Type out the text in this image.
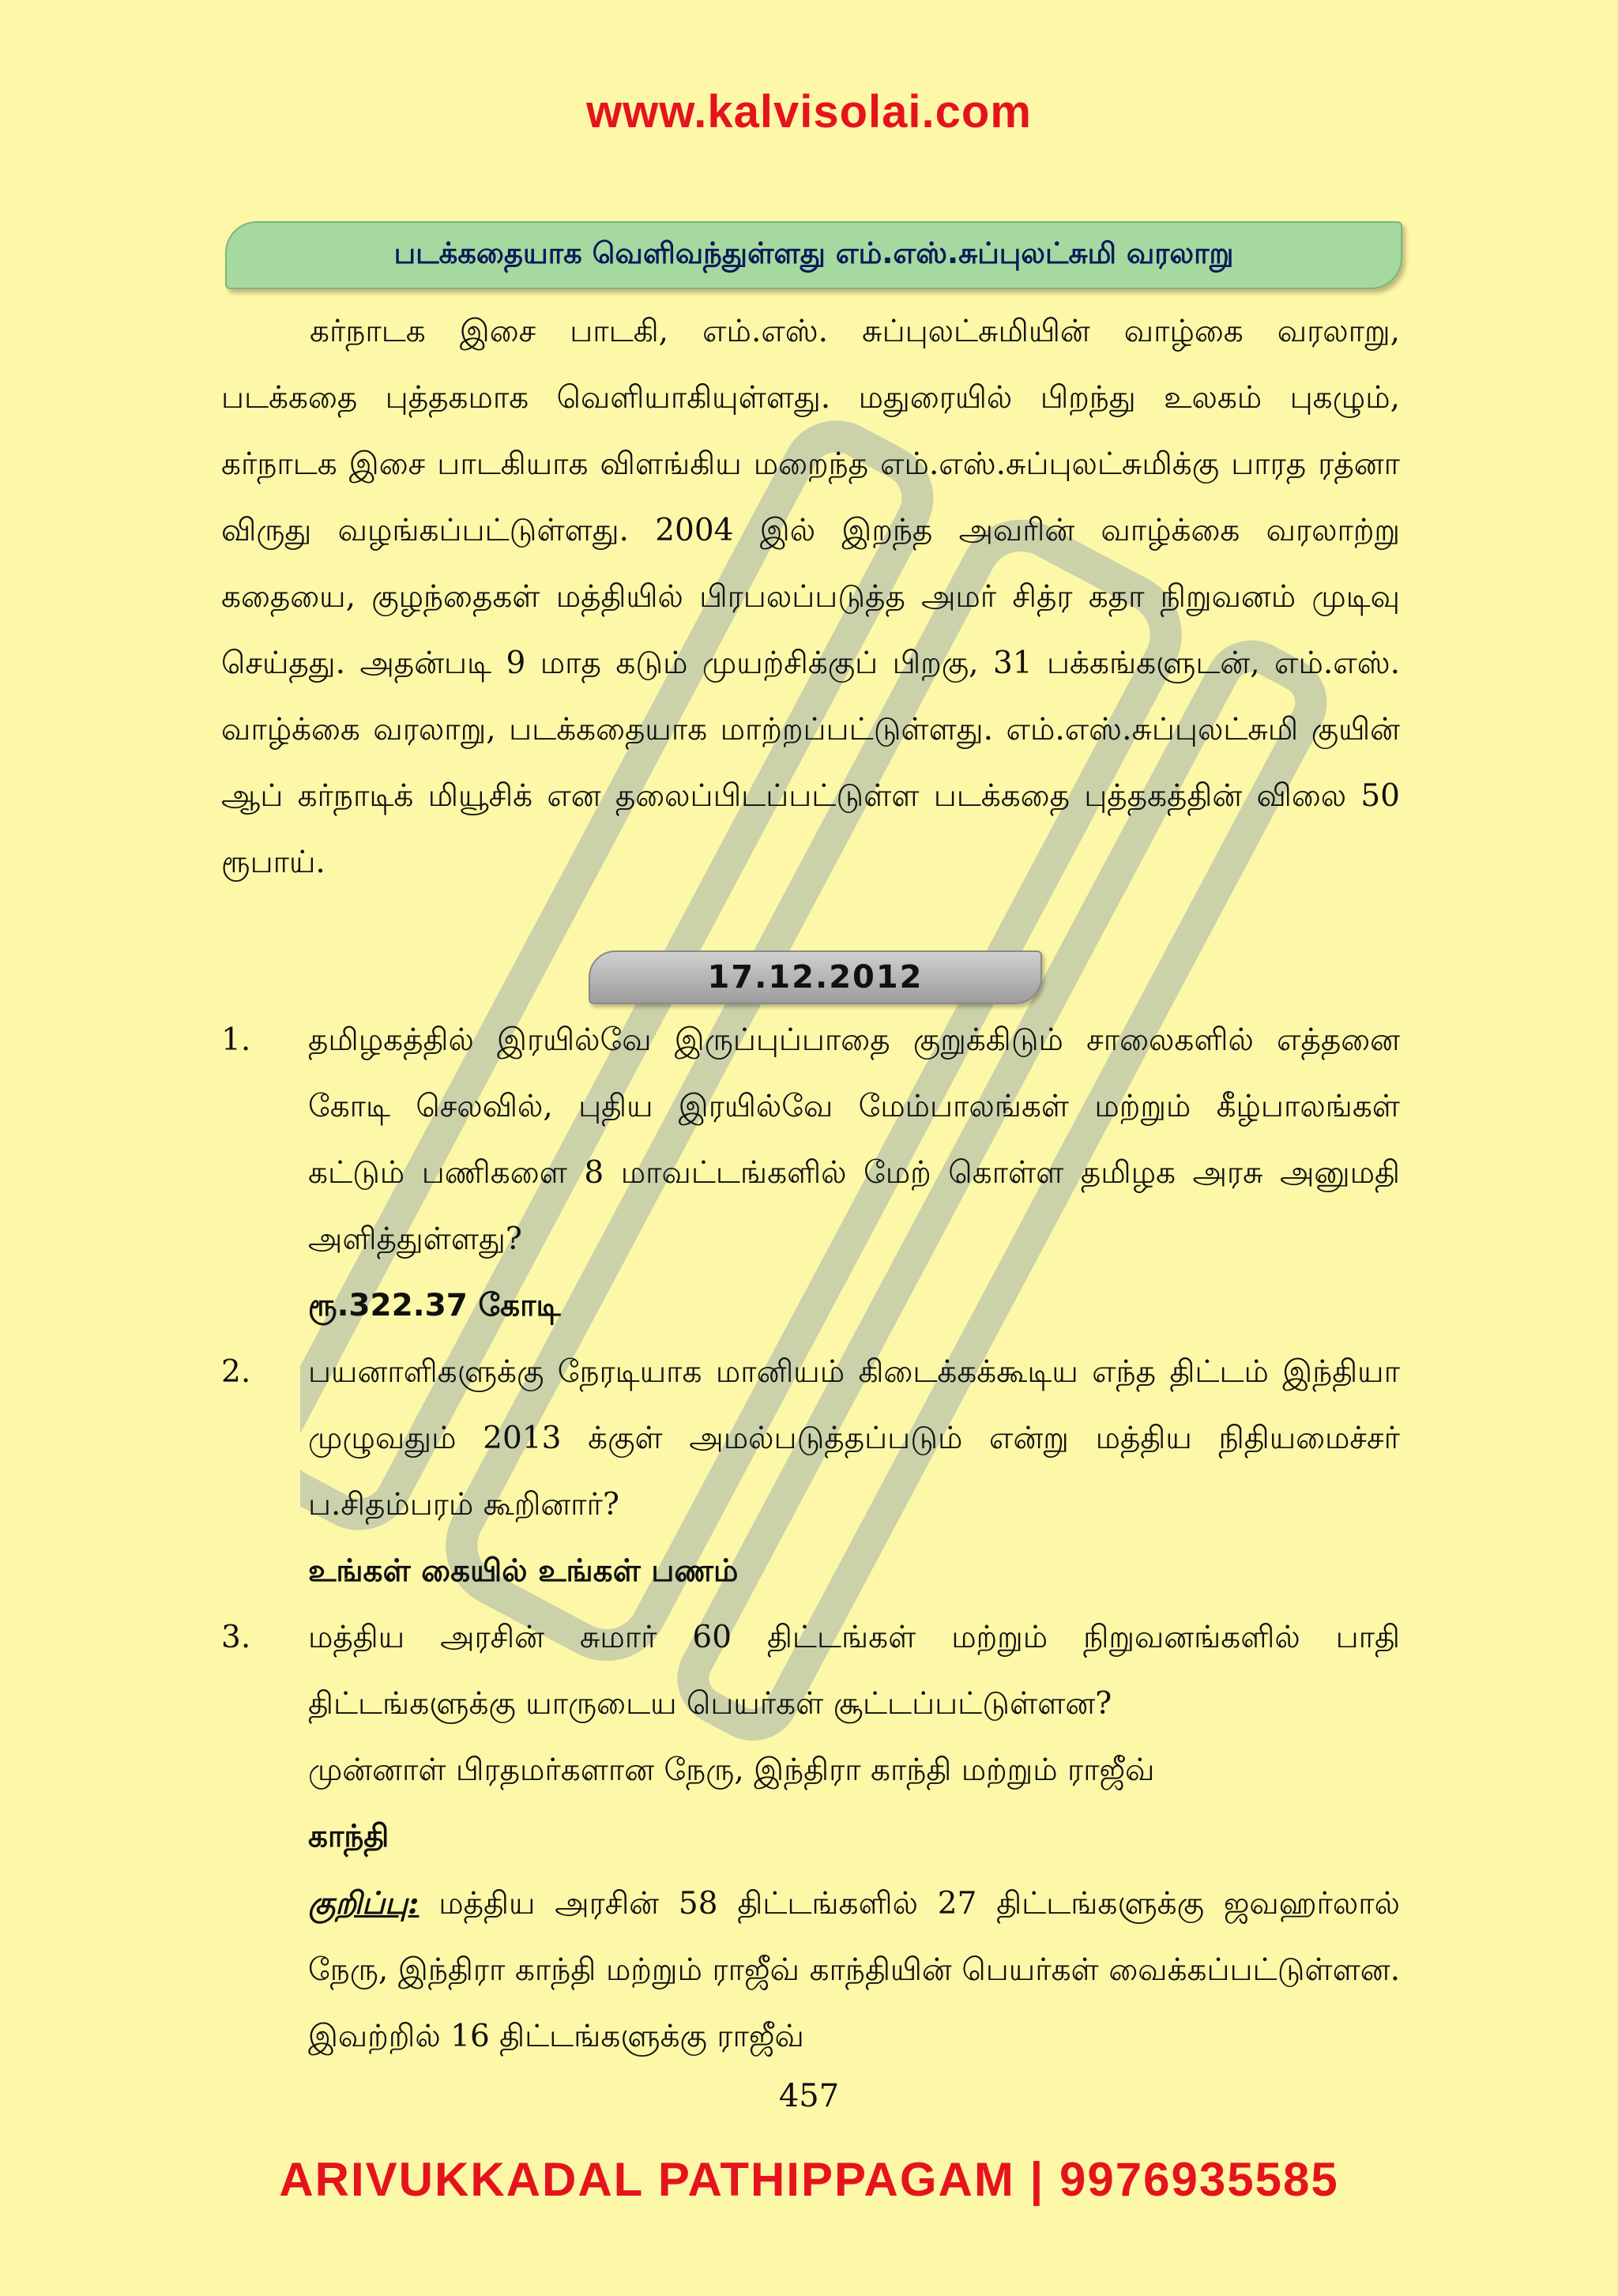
www.kalvisolai.com
படக்கதையாக வெளிவந்துள்ளது எம்.எஸ்.சுப்புலட்சுமி வரலாறு
கர்நாடக இசை பாடகி, எம்.எஸ். சுப்புலட்சுமியின் வாழ்கை வரலாறு, படக்கதை புத்தகமாக வெளியாகியுள்ளது. மதுரையில் பிறந்து உலகம் புகழும், கர்நாடக இசை பாடகியாக விளங்கிய மறைந்த எம்.எஸ்.சுப்புலட்சுமிக்கு பாரத ரத்னா விருது வழங்கப்பட்டுள்ளது. 2004 இல் இறந்த அவரின் வாழ்க்கை வரலாற்று கதையை, குழந்தைகள் மத்தியில் பிரபலப்படுத்த அமர் சித்ர கதா நிறுவனம் முடிவு செய்தது. அதன்படி 9 மாத கடும் முயற்சிக்குப் பிறகு, 31 பக்கங்களுடன், எம்.எஸ். வாழ்க்கை வரலாறு, படக்கதையாக மாற்றப்பட்டுள்ளது. எம்.எஸ்.சுப்புலட்சுமி குயின் ஆப் கர்நாடிக் மியூசிக் என தலைப்பிடப்பட்டுள்ள படக்கதை புத்தகத்தின் விலை 50 ரூபாய்.
17.12.2012
1.	தமிழகத்தில் இரயில்வே இருப்புப்பாதை குறுக்கிடும் சாலைகளில் எத்தனை கோடி செலவில், புதிய இரயில்வே மேம்பாலங்கள் மற்றும் கீழ்பாலங்கள் கட்டும் பணிகளை 8 மாவட்டங்களில் மேற் கொள்ள தமிழக அரசு அனுமதி அளித்துள்ளது?
ரூ.322.37 கோடி
2.	பயனாளிகளுக்கு நேரடியாக மானியம் கிடைக்கக்கூடிய எந்த திட்டம் இந்தியா முழுவதும் 2013 க்குள் அமல்படுத்தப்படும் என்று மத்திய நிதியமைச்சர் ப.சிதம்பரம் கூறினார்?
உங்கள் கையில் உங்கள் பணம்
3.	மத்திய அரசின் சுமார் 60 திட்டங்கள் மற்றும் நிறுவனங்களில் பாதி திட்டங்களுக்கு யாருடைய பெயர்கள் சூட்டப்பட்டுள்ளன?
முன்னாள் பிரதமர்களான நேரு, இந்திரா காந்தி மற்றும் ராஜீவ்
காந்தி
குறிப்பு: மத்திய அரசின் 58 திட்டங்களில் 27 திட்டங்களுக்கு ஜவஹர்லால் நேரு, இந்திரா காந்தி மற்றும் ராஜீவ் காந்தியின் பெயர்கள் வைக்கப்பட்டுள்ளன. இவற்றில் 16 திட்டங்களுக்கு ராஜீவ்
457
ARIVUKKADAL PATHIPPAGAM | 9976935585
